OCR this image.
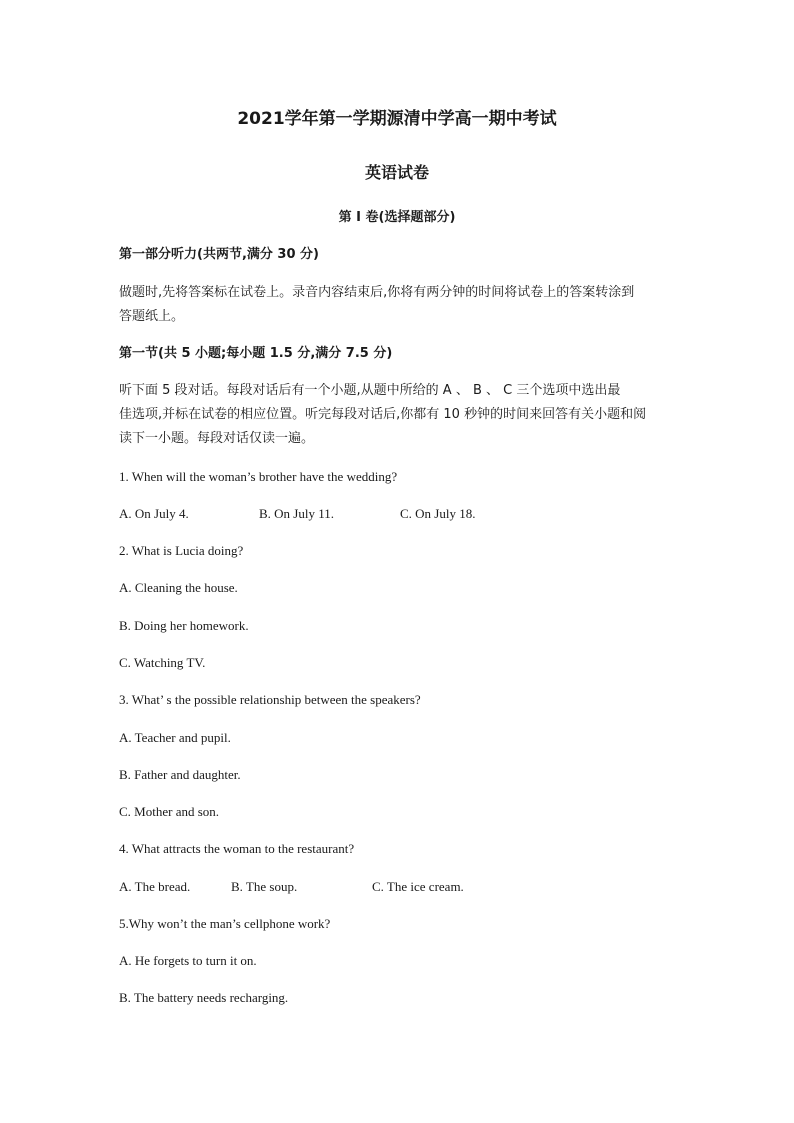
2021学年第一学期源清中学高一期中考试
英语试卷
第 I 卷(选择题部分)
第一部分听力(共两节,满分 30 分)
做题时,先将答案标在试卷上。录音内容结束后,你将有两分钟的时间将试卷上的答案转涂到
答题纸上。
第一节(共 5 小题;每小题 1.5 分,满分 7.5 分)
听下面 5 段对话。每段对话后有一个小题,从题中所给的 A 、 B 、 C 三个选项中选出最
佳选项,并标在试卷的相应位置。听完每段对话后,你都有 10 秒钟的时间来回答有关小题和阅
读下一小题。每段对话仅读一遍。
1. When will the woman’s brother have the wedding?
A. On July 4.	B. On July 11.	C. On July 18.
2. What is Lucia doing?
A. Cleaning the house.
B. Doing her homework.
C. Watching TV.
3. What’ s the possible relationship between the speakers?
A. Teacher and pupil.
B. Father and daughter.
C. Mother and son.
4. What attracts the woman to the restaurant?
A. The bread.	B. The soup.	C. The ice cream.
5.Why won’t the man’s cellphone work?
A. He forgets to turn it on.
B. The battery needs recharging.
